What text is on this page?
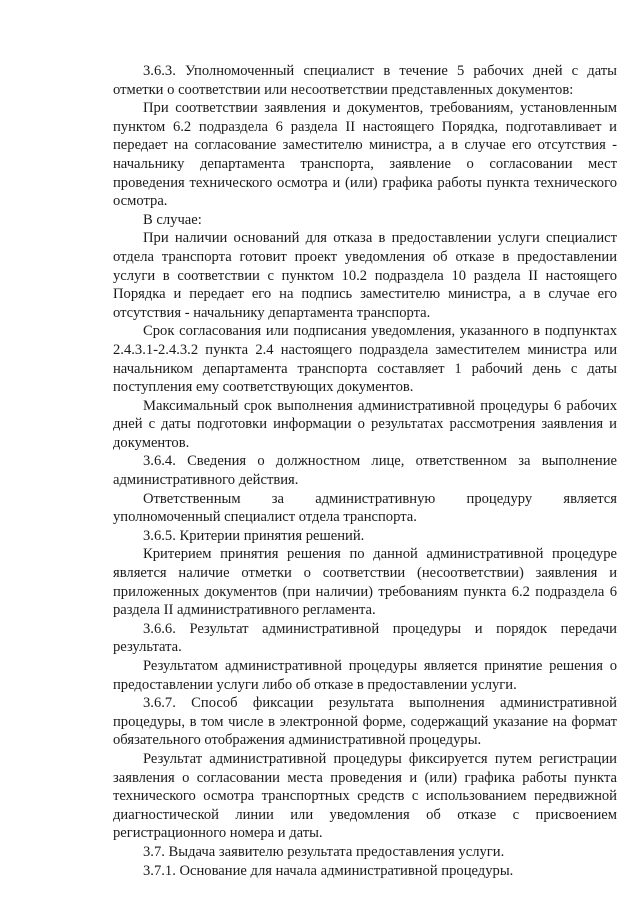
3.6.3. Уполномоченный специалист в течение 5 рабочих дней с даты отметки о соответствии или несоответствии представленных документов:

При соответствии заявления и документов, требованиям, установленным пунктом 6.2 подраздела 6 раздела II настоящего Порядка, подготавливает и передает на согласование заместителю министра, а в случае его отсутствия - начальнику департамента транспорта, заявление о согласовании мест проведения технического осмотра и (или) графика работы пункта технического осмотра.

В случае:

При наличии оснований для отказа в предоставлении услуги специалист отдела транспорта готовит проект уведомления об отказе в предоставлении услуги в соответствии с пунктом 10.2 подраздела 10 раздела II настоящего Порядка и передает его на подпись заместителю министра, а в случае его отсутствия - начальнику департамента транспорта.

Срок согласования или подписания уведомления, указанного в подпунктах 2.4.3.1-2.4.3.2 пункта 2.4 настоящего подраздела заместителем министра или начальником департамента транспорта составляет 1 рабочий день с даты поступления ему соответствующих документов.

Максимальный срок выполнения административной процедуры 6 рабочих дней с даты подготовки информации о результатах рассмотрения заявления и документов.

3.6.4. Сведения о должностном лице, ответственном за выполнение административного действия.

Ответственным за административную процедуру является уполномоченный специалист отдела транспорта.

3.6.5. Критерии принятия решений.

Критерием принятия решения по данной административной процедуре является наличие отметки о соответствии (несоответствии) заявления и приложенных документов (при наличии) требованиям пункта 6.2 подраздела 6 раздела II административного регламента.

3.6.6. Результат административной процедуры и порядок передачи результата.

Результатом административной процедуры является принятие решения о предоставлении услуги либо об отказе в предоставлении услуги.

3.6.7. Способ фиксации результата выполнения административной процедуры, в том числе в электронной форме, содержащий указание на формат обязательного отображения административной процедуры.

Результат административной процедуры фиксируется путем регистрации заявления о согласовании места проведения и (или) графика работы пункта технического осмотра транспортных средств с использованием передвижной диагностической линии или уведомления об отказе с присвоением регистрационного номера и даты.

3.7. Выдача заявителю результата предоставления услуги.

3.7.1. Основание для начала административной процедуры.
